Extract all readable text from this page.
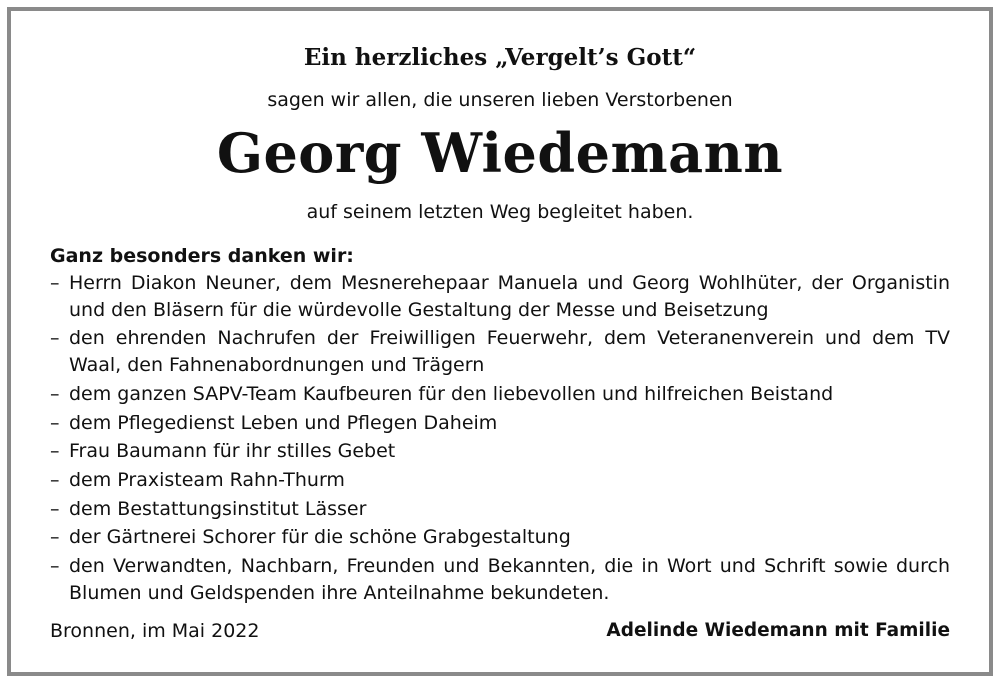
Ein herzliches „Vergelt’s Gott“
sagen wir allen, die unseren lieben Verstorbenen
Georg Wiedemann
auf seinem letzten Weg begleitet haben.
Ganz besonders danken wir:
– Herrn Diakon Neuner, dem Mesnerehepaar Manuela und Georg Wohlhüter, der Organistin und den Bläsern für die würdevolle Gestaltung der Messe und Beisetzung
– den ehrenden Nachrufen der Freiwilligen Feuerwehr, dem Veteranenverein und dem TV Waal, den Fahnenabordnungen und Trägern
– dem ganzen SAPV-Team Kaufbeuren für den liebevollen und hilfreichen Beistand
– dem Pflegedienst Leben und Pflegen Daheim
– Frau Baumann für ihr stilles Gebet
– dem Praxisteam Rahn-Thurm
– dem Bestattungsinstitut Lässer
– der Gärtnerei Schorer für die schöne Grabgestaltung
– den Verwandten, Nachbarn, Freunden und Bekannten, die in Wort und Schrift sowie durch Blumen und Geldspenden ihre Anteilnahme bekundeten.
Bronnen, im Mai 2022	Adelinde Wiedemann mit Familie
